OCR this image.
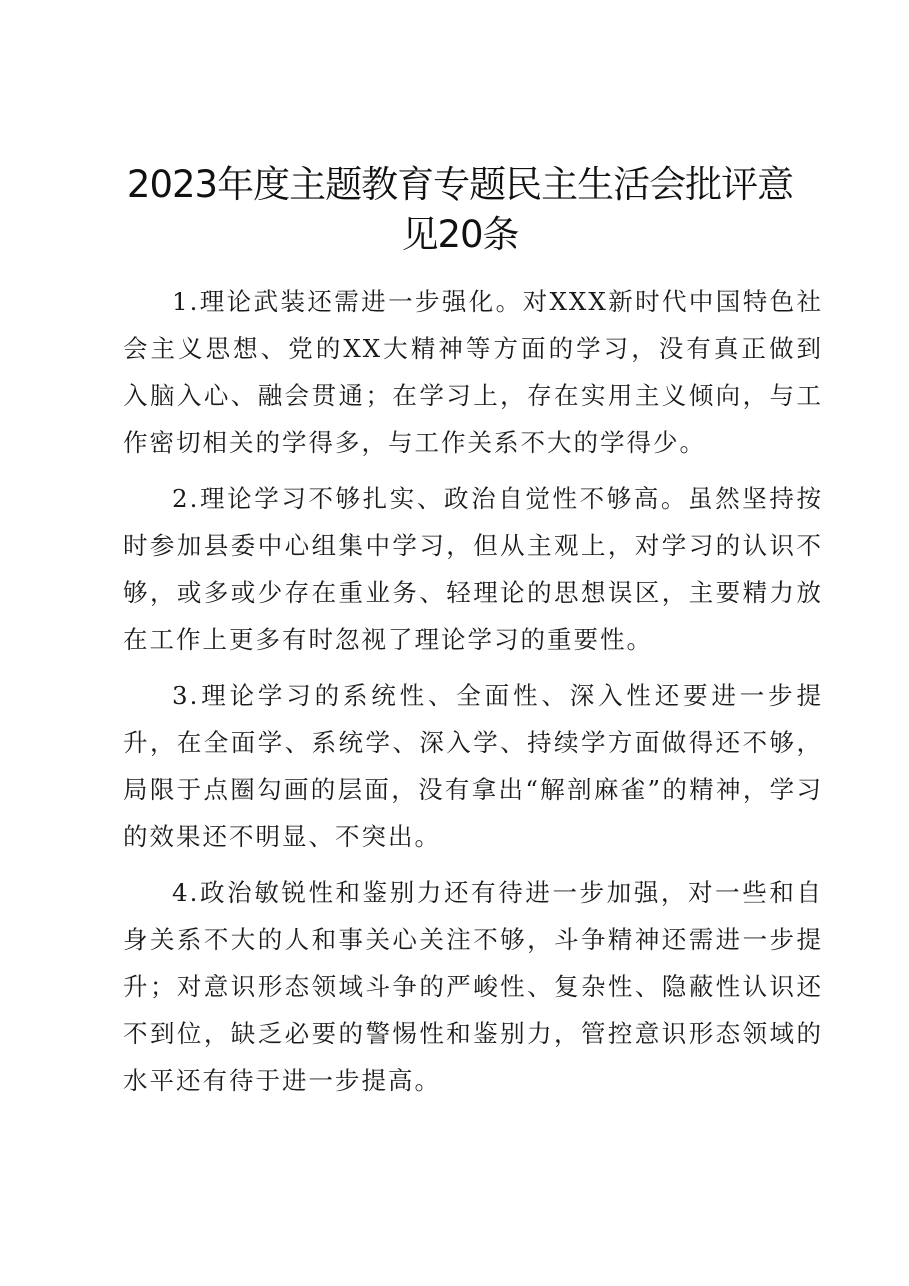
2023年度主题教育专题民主生活会批评意见20条

1.理论武装还需进一步强化。对XXX新时代中国特色社会主义思想、党的XX大精神等方面的学习，没有真正做到入脑入心、融会贯通；在学习上，存在实用主义倾向，与工作密切相关的学得多，与工作关系不大的学得少。

2.理论学习不够扎实、政治自觉性不够高。虽然坚持按时参加县委中心组集中学习，但从主观上，对学习的认识不够，或多或少存在重业务、轻理论的思想误区，主要精力放在工作上更多有时忽视了理论学习的重要性。

3.理论学习的系统性、全面性、深入性还要进一步提升，在全面学、系统学、深入学、持续学方面做得还不够，局限于点圈勾画的层面，没有拿出“解剖麻雀”的精神，学习的效果还不明显、不突出。

4.政治敏锐性和鉴别力还有待进一步加强，对一些和自身关系不大的人和事关心关注不够，斗争精神还需进一步提升；对意识形态领域斗争的严峻性、复杂性、隐蔽性认识还不到位，缺乏必要的警惕性和鉴别力，管控意识形态领域的水平还有待于进一步提高。
